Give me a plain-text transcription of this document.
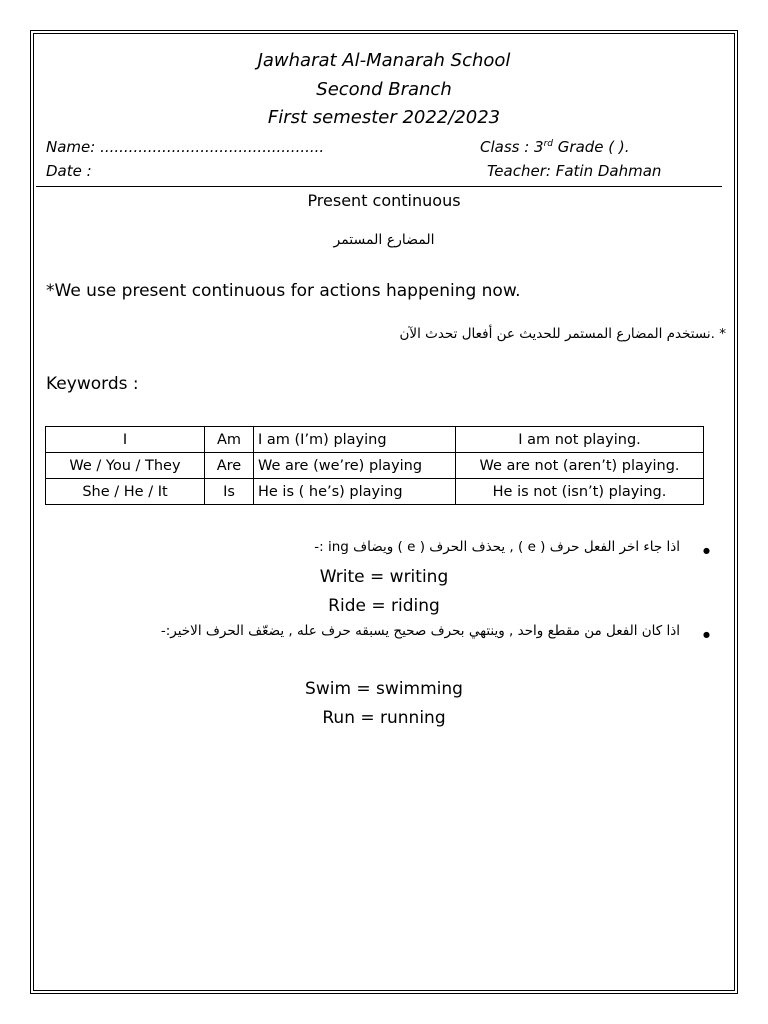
Jawharat Al-Manarah School
Second Branch
First semester 2022/2023
Name: ...............................................	Class : 3rd Grade ( ).
Date :	Teacher: Fatin Dahman
Present continuous
المضارع المستمر
*We use present continuous for actions happening now.
* .نستخدم المضارع المستمر للحديث عن أفعال تحدث الآن
Keywords :
I	Am	I am (I’m) playing	I am not playing.
We / You / They	Are	We are (we’re) playing	We are not (aren’t) playing.
She / He / It	Is	He is ( he’s) playing	He is not (isn’t) playing.
●
اذا جاء اخر الفعل حرف ( e ) , يحذف الحرف ( e ) ويضاف ing :-
Write = writing
Ride = riding
●
اذا كان الفعل من مقطع واحد , وينتهي بحرف صحيح يسبقه حرف عله , يضعّف الحرف الاخير:-
Swim = swimming
Run = running
